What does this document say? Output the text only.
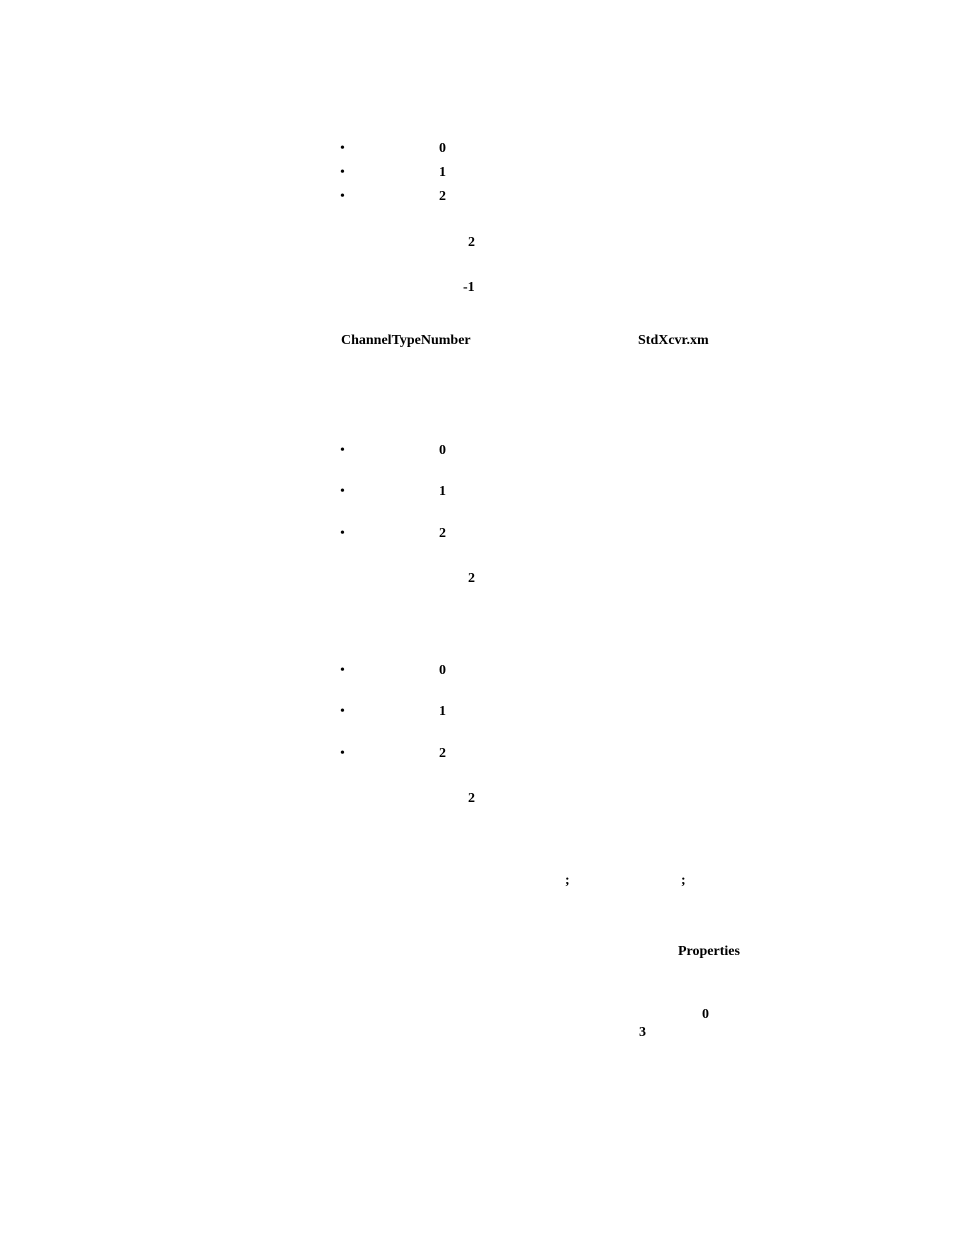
•	0
•	1
•	2
2
-1
ChannelTypeNumber	StdXcvr.xm
•	0
•	1
•	2
2
•	0
•	1
•	2
2
;	;
Properties
0
3
